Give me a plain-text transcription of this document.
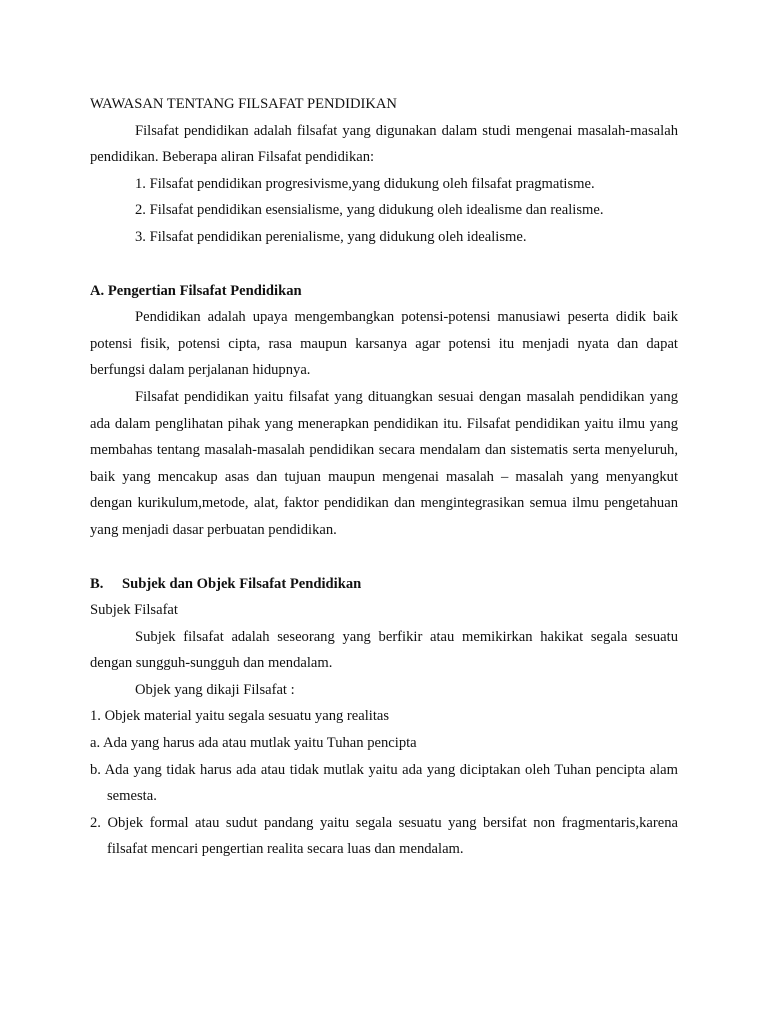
WAWASAN TENTANG FILSAFAT PENDIDIKAN

Filsafat pendidikan adalah filsafat yang digunakan dalam studi mengenai masalah-masalah pendidikan. Beberapa aliran Filsafat pendidikan:

1. Filsafat pendidikan progresivisme,yang didukung oleh filsafat pragmatisme.

2. Filsafat pendidikan esensialisme, yang didukung oleh idealisme dan realisme.

3. Filsafat pendidikan perenialisme, yang didukung oleh idealisme.

A. Pengertian Filsafat Pendidikan

Pendidikan adalah upaya mengembangkan potensi-potensi manusiawi peserta didik baik potensi fisik, potensi cipta, rasa maupun karsanya agar potensi itu menjadi nyata dan dapat berfungsi dalam perjalanan hidupnya.

Filsafat pendidikan yaitu filsafat yang dituangkan sesuai dengan masalah pendidikan yang ada dalam penglihatan pihak yang menerapkan pendidikan itu. Filsafat pendidikan yaitu ilmu yang membahas tentang masalah-masalah pendidikan secara mendalam dan sistematis serta menyeluruh, baik yang mencakup asas dan tujuan maupun mengenai masalah – masalah yang menyangkut dengan kurikulum,metode, alat, faktor pendidikan dan mengintegrasikan semua ilmu pengetahuan yang menjadi dasar perbuatan pendidikan.

B.	Subjek dan Objek Filsafat Pendidikan

Subjek Filsafat

Subjek filsafat adalah seseorang yang berfikir atau memikirkan hakikat segala sesuatu dengan sungguh-sungguh dan mendalam.

Objek yang dikaji Filsafat :

1. Objek material yaitu segala sesuatu yang realitas

a. Ada yang harus ada atau mutlak yaitu Tuhan pencipta

b. Ada yang tidak harus ada atau tidak mutlak yaitu ada yang diciptakan oleh Tuhan pencipta alam semesta.

2. Objek formal atau sudut pandang yaitu segala sesuatu yang bersifat non fragmentaris,karena filsafat mencari pengertian realita secara luas dan mendalam.
